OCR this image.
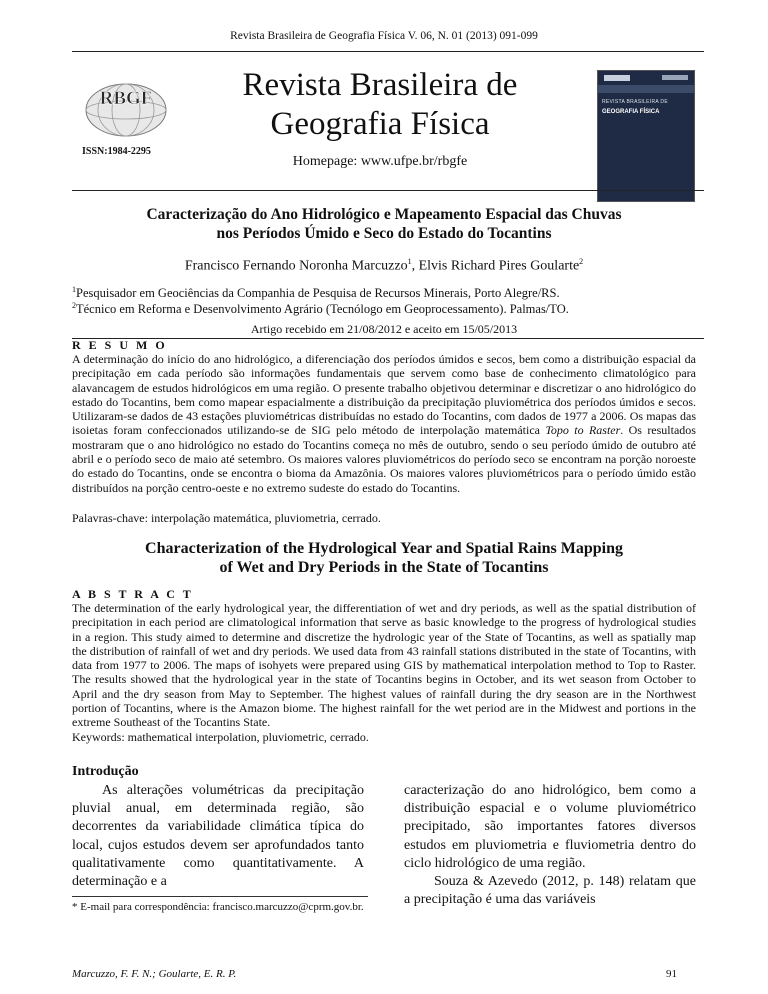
Revista Brasileira de Geografia Física V. 06, N. 01 (2013) 091-099
RBGF
ISSN:1984-2295
Revista Brasileira de
Geografia Física
Homepage: www.ufpe.br/rbgfe
REVISTA BRASILEIRA DE
GEOGRAFIA FÍSICA
Caracterização do Ano Hidrológico e Mapeamento Espacial das Chuvas
nos Períodos Úmido e Seco do Estado do Tocantins
Francisco Fernando Noronha Marcuzzo$^1$, Elvis Richard Pires Goularte$^2$
$^1$Pesquisador em Geociências da Companhia de Pesquisa de Recursos Minerais, Porto Alegre/RS.
$^2$Técnico em Reforma e Desenvolvimento Agrário (Tecnólogo em Geoprocessamento). Palmas/TO.
Artigo recebido em 21/08/2012 e aceito em 15/05/2013
R E S U M O
A determinação do início do ano hidrológico, a diferenciação dos períodos úmidos e secos, bem como a distribuição espacial da precipitação em cada período são informações fundamentais que servem como base de conhecimento climatológico para alavancagem de estudos hidrológicos em uma região. O presente trabalho objetivou determinar e discretizar o ano hidrológico do estado do Tocantins, bem como mapear espacialmente a distribuição da precipitação pluviométrica dos períodos úmidos e secos. Utilizaram-se dados de 43 estações pluviométricas distribuídas no estado do Tocantins, com dados de 1977 a 2006. Os mapas das isoietas foram confeccionados utilizando-se de SIG pelo método de interpolação matemática Topo to Raster. Os resultados mostraram que o ano hidrológico no estado do Tocantins começa no mês de outubro, sendo o seu período úmido de outubro até abril e o período seco de maio até setembro. Os maiores valores pluviométricos do período seco se encontram na porção noroeste do estado do Tocantins, onde se encontra o bioma da Amazônia. Os maiores valores pluviométricos para o período úmido estão distribuídos na porção centro-oeste e no extremo sudeste do estado do Tocantins.
Palavras-chave: interpolação matemática, pluviometria, cerrado.
Characterization of the Hydrological Year and Spatial Rains Mapping
of Wet and Dry Periods in the State of Tocantins
A B S T R A C T
The determination of the early hydrological year, the differentiation of wet and dry periods, as well as the spatial distribution of precipitation in each period are climatological information that serve as basic knowledge to the progress of hydrological studies in a region. This study aimed to determine and discretize the hydrologic year of the State of Tocantins, as well as spatially map the distribution of rainfall of wet and dry periods. We used data from 43 rainfall stations distributed in the state of Tocantins, with data from 1977 to 2006. The maps of isohyets were prepared using GIS by mathematical interpolation method to Top to Raster. The results showed that the hydrological year in the state of Tocantins begins in October, and its wet season from October to April and the dry season from May to September. The highest values of rainfall during the dry season are in the Northwest portion of Tocantins, where is the Amazon biome. The highest rainfall for the wet period are in the Midwest and portions in the extreme Southeast of the Tocantins State.
Keywords: mathematical interpolation, pluviometric, cerrado.
Introdução
As alterações volumétricas da precipitação pluvial anual, em determinada região, são decorrentes da variabilidade climática típica do local, cujos estudos devem ser aprofundados tanto qualitativamente como quantitativamente. A determinação e a
caracterização do ano hidrológico, bem como a distribuição espacial e o volume pluviométrico precipitado, são importantes fatores diversos estudos em pluviometria e fluviometria dentro do ciclo hidrológico de uma região.
Souza & Azevedo (2012, p. 148) relatam que a precipitação é uma das variáveis
* E-mail para correspondência: francisco.marcuzzo@cprm.gov.br.
Marcuzzo, F. F. N.; Goularte, E. R. P.	91
